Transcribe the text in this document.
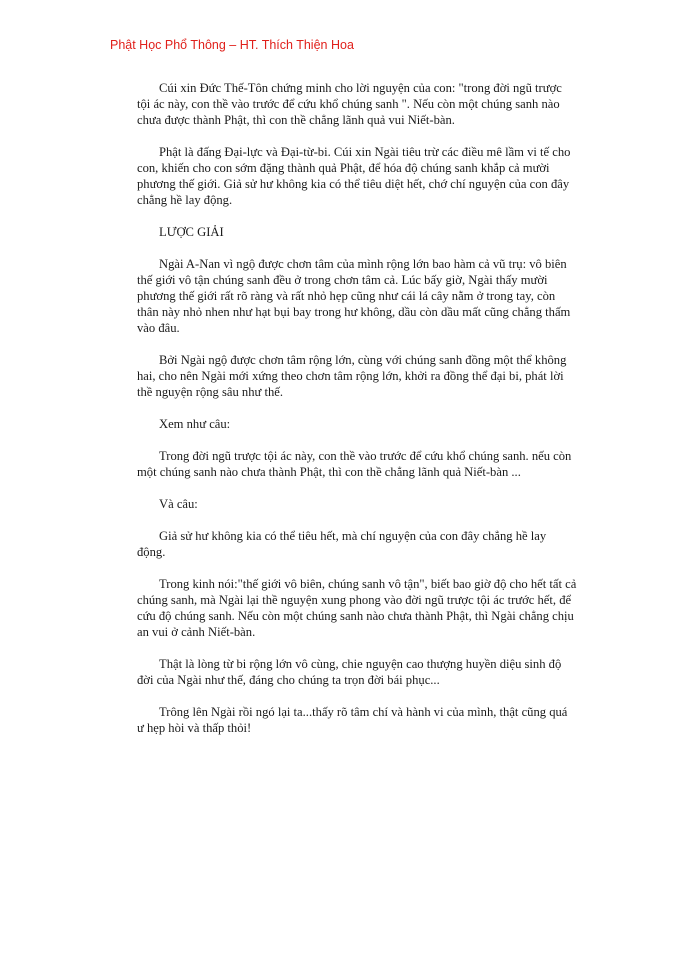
Phật Học Phổ Thông – HT. Thích Thiện Hoa

Cúi xin Đức Thế-Tôn chứng minh cho lời nguyện của con: "trong đời ngũ trược tội ác này, con thề vào trước để cứu khổ chúng sanh ". Nếu còn một chúng sanh nào chưa được thành Phật, thì con thề chẳng lãnh quả vui Niết-bàn.

Phật là đấng Đại-lực và Đại-từ-bi. Cúi xin Ngài tiêu trừ các điều mê lầm vi tế cho con, khiến cho con sớm đặng thành quả Phật, để hóa độ chúng sanh khắp cả mười phương thế giới. Giả sử hư không kia có thể tiêu diệt hết, chớ chí nguyện của con đây chẳng hề lay động.

LƯỢC GIẢI

Ngài A-Nan vì ngộ được chơn tâm của mình rộng lớn bao hàm cả vũ trụ: vô biên thế giới vô tận chúng sanh đều ở trong chơn tâm cả. Lúc bấy giờ, Ngài thấy mười phương thế giới rất rõ ràng và rất nhỏ hẹp cũng như cái lá cây nằm ở trong tay, còn thân này nhỏ nhen như hạt bụi bay trong hư không, dầu còn dầu mất cũng chẳng thấm vào đâu.

Bởi Ngài ngộ được chơn tâm rộng lớn, cùng với chúng sanh đồng một thể không hai, cho nên Ngài mới xứng theo chơn tâm rộng lớn, khởi ra đồng thể đại bi, phát lời thề nguyện rộng sâu như thế.

Xem như câu:

Trong đời ngũ trược tội ác này, con thề vào trước để cứu khổ chúng sanh. nếu còn một chúng sanh nào chưa thành Phật, thì con thề chẳng lãnh quả Niết-bàn ...

Và câu:

Giả sử hư không kia có thể tiêu hết, mà chí nguyện của con đây chẳng hề lay động.

Trong kinh nói:"thế giới vô biên, chúng sanh vô tận", biết bao giờ độ cho hết tất cả chúng sanh, mà Ngài lại thề nguyện xung phong vào đời ngũ trược tội ác trước hết, để cứu độ chúng sanh. Nếu còn một chúng sanh nào chưa thành Phật, thì Ngài chẳng chịu an vui ở cảnh Niết-bàn.

Thật là lòng từ bi rộng lớn vô cùng, chie nguyện cao thượng huyền diệu sinh độ đời của Ngài như thế, đáng cho chúng ta trọn đời bái phục...

Trông lên Ngài rồi ngó lại ta...thấy rõ tâm chí và hành vi của mình, thật cũng quá ư hẹp hòi và thấp thỏi!
